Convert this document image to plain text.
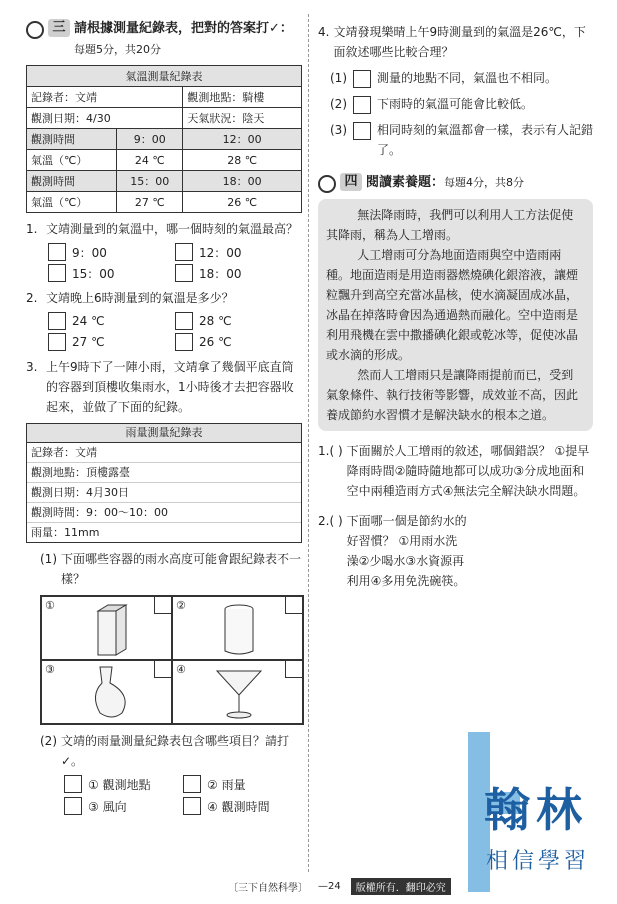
三 請根據測量紀錄表，把對的答案打✓：每題5分，共20分
氣溫測量紀錄表		
記錄者：文靖		觀測地點：騎樓
觀測日期：4/30		天氣狀況：陰天
觀測時間	9：00	12：00
氣溫（℃）	24 ℃	28 ℃
觀測時間	15：00	18：00
氣溫（℃）	27 ℃	26 ℃
1. 文靖測量到的氣溫中，哪一個時刻的氣溫最高？
9：00	12：00
15：00	18：00
2. 文靖晚上6時測量到的氣溫是多少？
24 ℃	28 ℃
27 ℃	26 ℃
3. 上午9時下了一陣小雨，文靖拿了幾個平底直筒的容器到頂樓收集雨水，1小時後才去把容器收起來，並做了下面的紀錄。
雨量測量紀錄表
記錄者：文靖
觀測地點：頂樓露臺
觀測日期：4月30日
觀測時間：9：00～10：00
雨量：11mm
(1) 下面哪些容器的雨水高度可能會跟紀錄表不一樣？
①	②
③	④
(2) 文靖的雨量測量紀錄表包含哪些項目？請打✓。
① 觀測地點	② 雨量
③ 風向	④ 觀測時間
4. 文靖發現樂晴上午9時測量到的氣溫是26℃，下面敘述哪些比較合理？
(1)	測量的地點不同，氣溫也不相同。
(2)	下雨時的氣溫可能會比較低。
(3)	相同時刻的氣溫都會一樣，表示有人記錯了。
四 閱讀素養題：每題4分，共8分

無法降雨時，我們可以利用人工方法促使其降雨，稱為人工增雨。

人工增雨可分為地面造雨與空中造雨兩種。地面造雨是用造雨器燃燒碘化銀溶液，讓煙粒飄升到高空充當冰晶核，使水滴凝固成冰晶，冰晶在掉落時會因為通過熱而融化。空中造雨是利用飛機在雲中撒播碘化銀或乾冰等，促使冰晶或水滴的形成。

然而人工增雨只是讓降雨提前而已，受到氣象條件、執行技術等影響，成效並不高，因此養成節約水習慣才是解決缺水的根本之道。

1.( ) 下面關於人工增雨的敘述，哪個錯誤？ ①提早降雨時間②隨時隨地都可以成功③分成地面和空中兩種造雨方式④無法完全解決缺水問題。
2.( ) 下面哪一個是節約水的好習慣？ ①用雨水洗澡②少喝水③水資源再利用④多用免洗碗筷。
翰林
相信學習
〔三下自然科學〕 —24	版權所有．翻印必究
